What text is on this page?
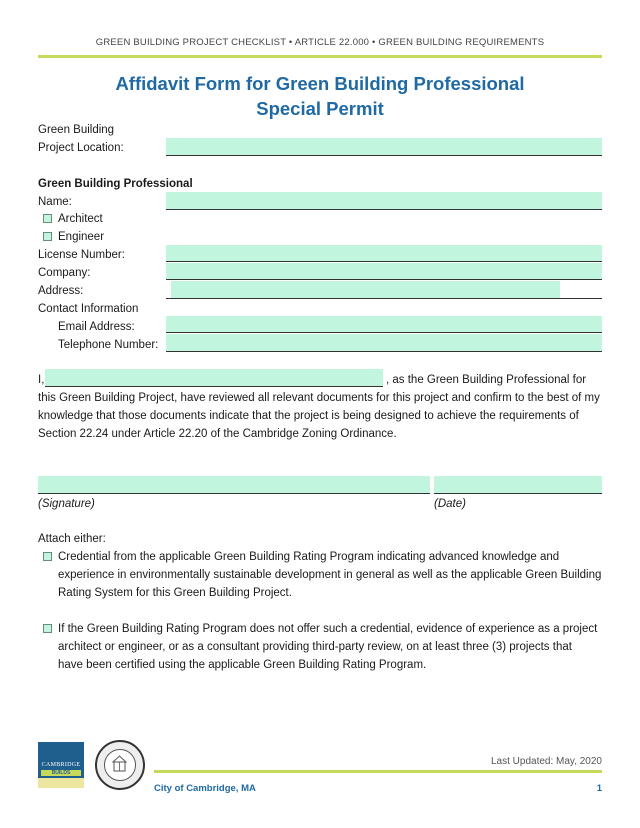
GREEN BUILDING PROJECT CHECKLIST • ARTICLE 22.000 • GREEN BUILDING REQUIREMENTS
Affidavit Form for Green Building Professional
Special Permit
Green Building
Project Location:
Green Building Professional
Name:
Architect
Engineer
License Number:
Company:
Address:
Contact Information
Email Address:
Telephone Number:
I,	, as the Green Building Professional for
this Green Building Project, have reviewed all relevant documents for this project and confirm to the best of my
knowledge that those documents indicate that the project is being designed to achieve the requirements of
Section 22.24 under Article 22.20 of the Cambridge Zoning Ordinance.
(Signature)	(Date)
Attach either:
Credential from the applicable Green Building Rating Program indicating advanced knowledge and
experience in environmentally sustainable development in general as well as the applicable Green Building
Rating System for this Green Building Project.
If the Green Building Rating Program does not offer such a credential, evidence of experience as a project
architect or engineer, or as a consultant providing third-party review, on at least three (3) projects that
have been certified using the applicable Green Building Rating Program.
CAMBRIDGE
BUILDS
Last Updated: May, 2020
City of Cambridge, MA	1
